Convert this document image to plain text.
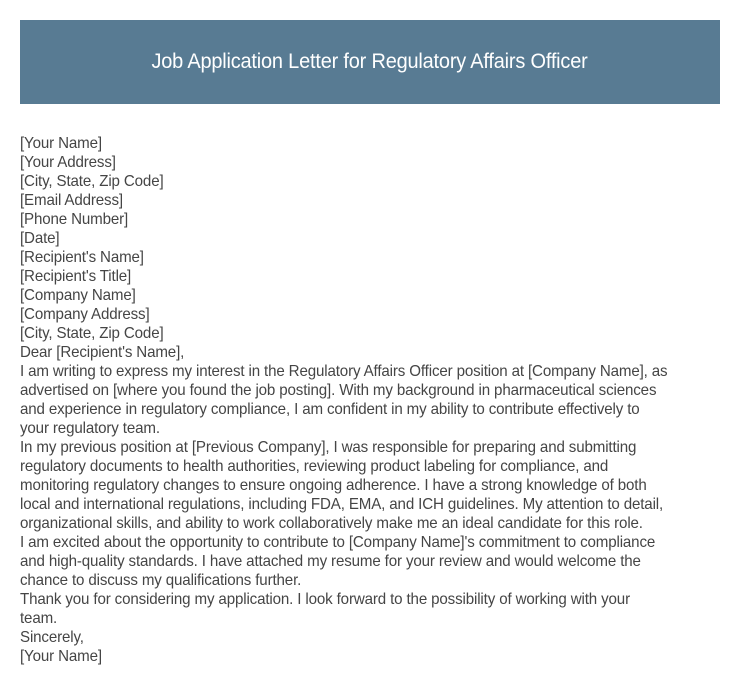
Job Application Letter for Regulatory Affairs Officer
[Your Name]
[Your Address]
[City, State, Zip Code]
[Email Address]
[Phone Number]
[Date]
[Recipient's Name]
[Recipient's Title]
[Company Name]
[Company Address]
[City, State, Zip Code]
Dear [Recipient's Name],
I am writing to express my interest in the Regulatory Affairs Officer position at [Company Name], as
advertised on [where you found the job posting]. With my background in pharmaceutical sciences
and experience in regulatory compliance, I am confident in my ability to contribute effectively to
your regulatory team.
In my previous position at [Previous Company], I was responsible for preparing and submitting
regulatory documents to health authorities, reviewing product labeling for compliance, and
monitoring regulatory changes to ensure ongoing adherence. I have a strong knowledge of both
local and international regulations, including FDA, EMA, and ICH guidelines. My attention to detail,
organizational skills, and ability to work collaboratively make me an ideal candidate for this role.
I am excited about the opportunity to contribute to [Company Name]'s commitment to compliance
and high-quality standards. I have attached my resume for your review and would welcome the
chance to discuss my qualifications further.
Thank you for considering my application. I look forward to the possibility of working with your
team.
Sincerely,
[Your Name]
